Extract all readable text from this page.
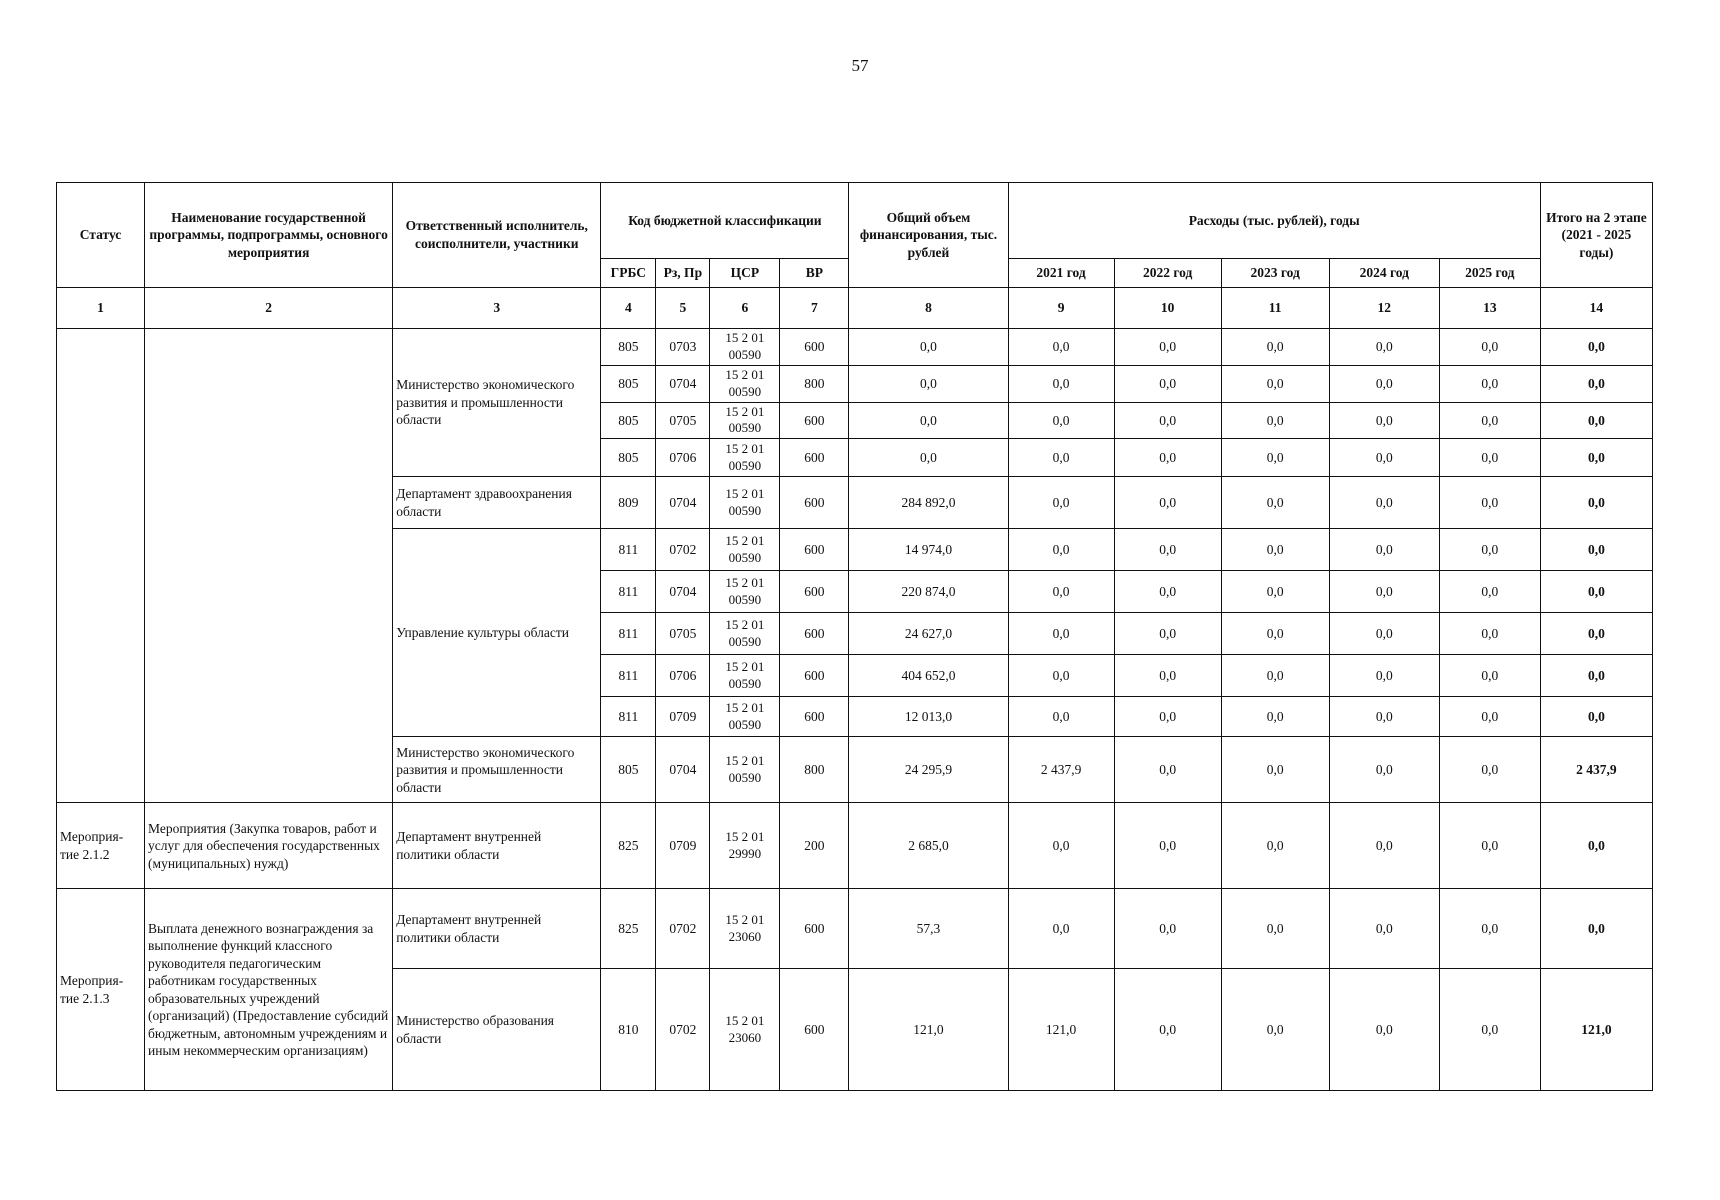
57
Статус	Наименование государственной программы, подпрограммы, основного мероприятия	Ответственный исполнитель, соисполнители, участники	Код бюджетной классификации				Общий объем финансирования, тыс. рублей	Расходы (тыс. рублей), годы					Итого на 2 этапе (2021 - 2025 годы)
			ГРБС	Рз, Пр	ЦСР	ВР		2021 год	2022 год	2023 год	2024 год	2025 год	
1	2	3	4	5	6	7	8	9	10	11	12	13	14
		Министерство экономического развития и промышленности области	805	0703	15 2 01
00590	600	0,0	0,0	0,0	0,0	0,0	0,0	0,0
			805	0704	15 2 01
00590	800	0,0	0,0	0,0	0,0	0,0	0,0	0,0
			805	0705	15 2 01
00590	600	0,0	0,0	0,0	0,0	0,0	0,0	0,0
			805	0706	15 2 01
00590	600	0,0	0,0	0,0	0,0	0,0	0,0	0,0
		Департамент здравоохранения области	809	0704	15 2 01
00590	600	284 892,0	0,0	0,0	0,0	0,0	0,0	0,0
		Управление культуры области	811	0702	15 2 01
00590	600	14 974,0	0,0	0,0	0,0	0,0	0,0	0,0
			811	0704	15 2 01
00590	600	220 874,0	0,0	0,0	0,0	0,0	0,0	0,0
			811	0705	15 2 01
00590	600	24 627,0	0,0	0,0	0,0	0,0	0,0	0,0
			811	0706	15 2 01
00590	600	404 652,0	0,0	0,0	0,0	0,0	0,0	0,0
			811	0709	15 2 01
00590	600	12 013,0	0,0	0,0	0,0	0,0	0,0	0,0
		Министерство экономического развития и промышленности области	805	0704	15 2 01
00590	800	24 295,9	2 437,9	0,0	0,0	0,0	0,0	2 437,9
Мероприя-тие 2.1.2	Мероприятия (Закупка товаров, работ и услуг для обеспечения государственных (муниципальных) нужд)	Департамент внутренней политики области	825	0709	15 2 01
29990	200	2 685,0	0,0	0,0	0,0	0,0	0,0	0,0
Мероприя-тие 2.1.3	Выплата денежного вознаграждения за выполнение функций классного руководителя педагогическим работникам государственных образовательных учреждений (организаций) (Предоставление субсидий бюджетным, автономным учреждениям и иным некоммерческим организациям)	Департамент внутренней политики области	825	0702	15 2 01
23060	600	57,3	0,0	0,0	0,0	0,0	0,0	0,0
		Министерство образования области	810	0702	15 2 01
23060	600	121,0	121,0	0,0	0,0	0,0	0,0	121,0
